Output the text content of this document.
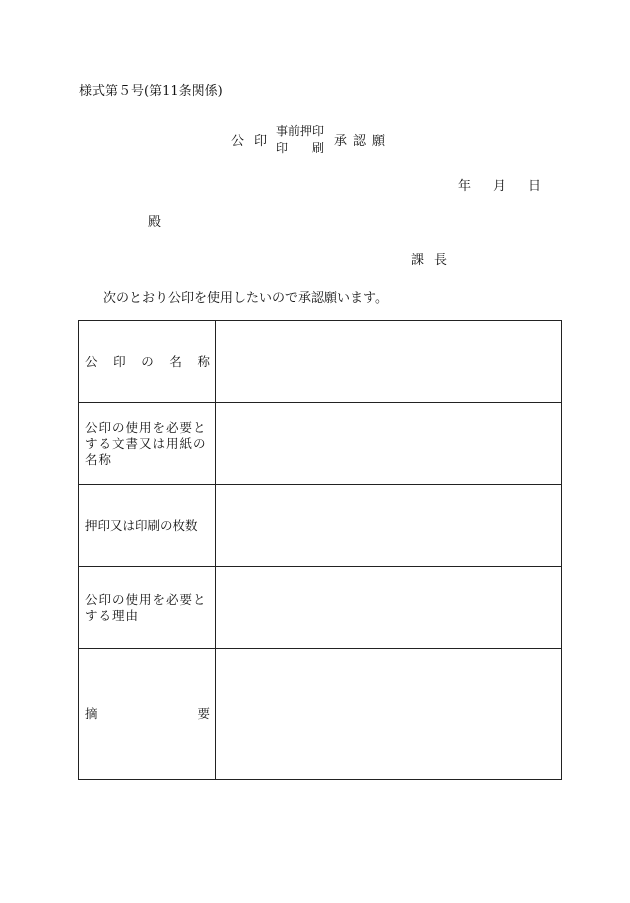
様式第５号(第11条関係)
公印
事前押印
印 刷 承認願
年 月 日
殿
課長
次のとおり公印を使用したいので承認願います。
公 印 の 名 称	

公印の使用を必要とする文書又は用紙の名称	

押印又は印刷の枚数	

公印の使用を必要とする理由	

摘 要	
